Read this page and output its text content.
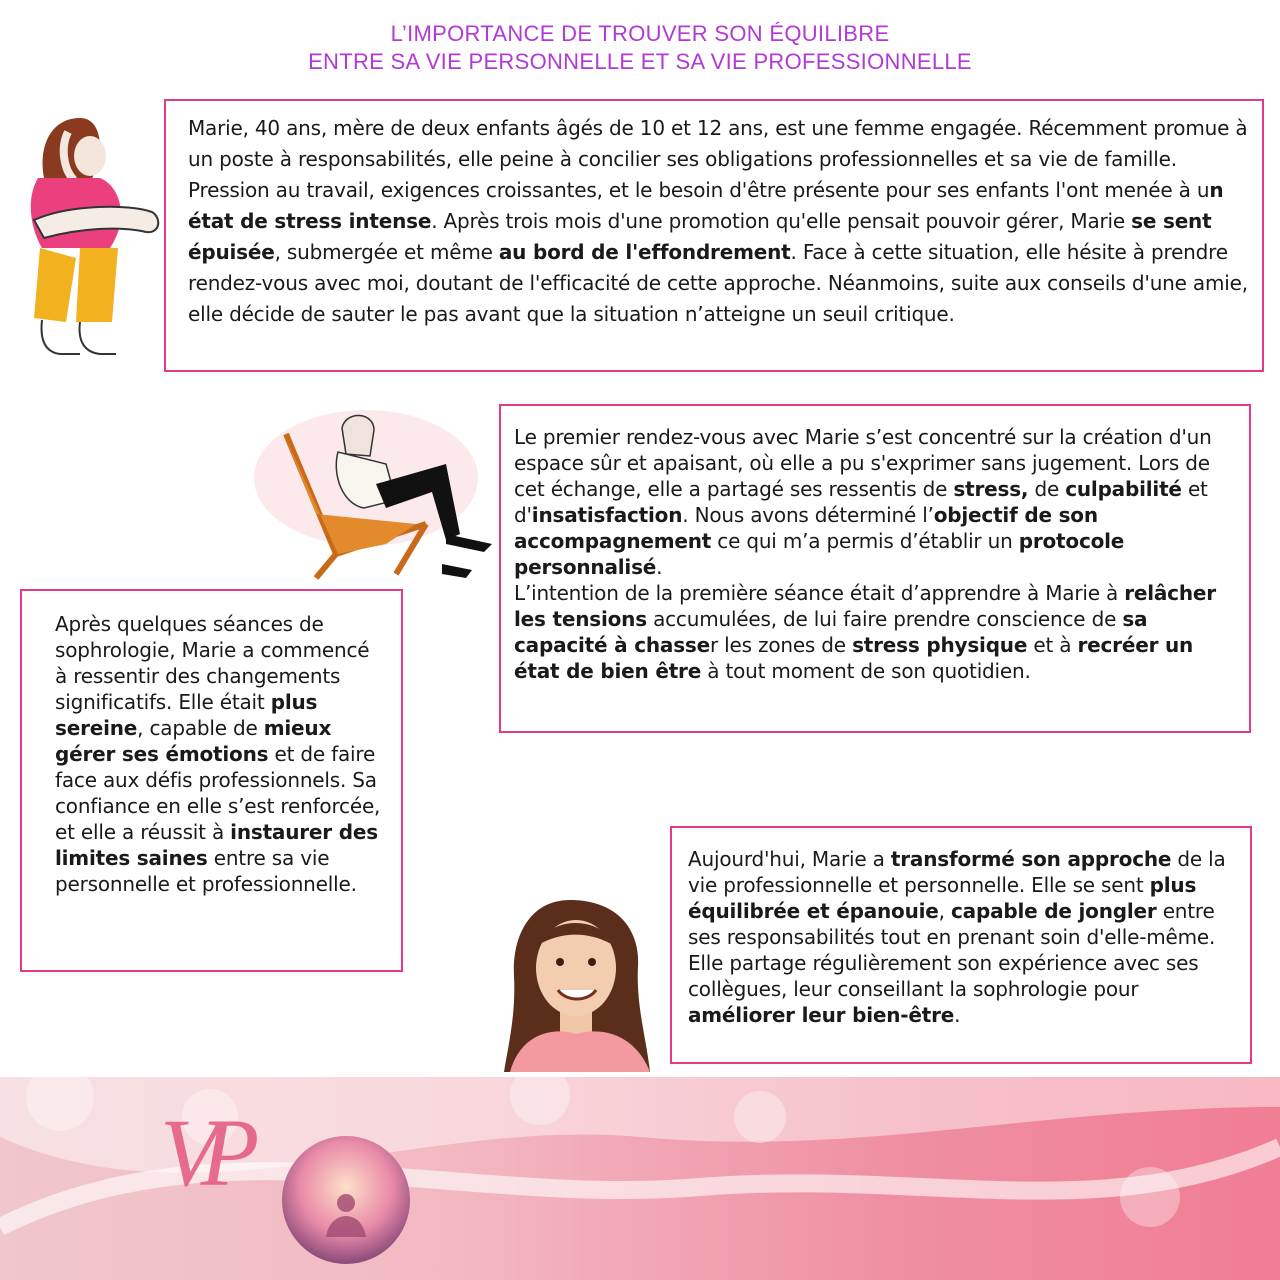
L’IMPORTANCE DE TROUVER SON ÉQUILIBRE
ENTRE SA VIE PERSONNELLE ET SA VIE PROFESSIONNELLE

Marie, 40 ans, mère de deux enfants âgés de 10 et 12 ans, est une femme engagée. Récemment promue à un poste à responsabilités, elle peine à concilier ses obligations professionnelles et sa vie de famille. Pression au travail, exigences croissantes, et le besoin d'être présente pour ses enfants l'ont menée à un état de stress intense. Après trois mois d'une promotion qu'elle pensait pouvoir gérer, Marie se sent épuisée, submergée et même au bord de l'effondrement. Face à cette situation, elle hésite à prendre rendez-vous avec moi, doutant de l'efficacité de cette approche. Néanmoins, suite aux conseils d'une amie, elle décide de sauter le pas avant que la situation n’atteigne un seuil critique.

Le premier rendez-vous avec Marie s’est concentré sur la création d'un espace sûr et apaisant, où elle a pu s'exprimer sans jugement. Lors de cet échange, elle a partagé ses ressentis de stress, de culpabilité et d'insatisfaction. Nous avons déterminé l’objectif de son accompagnement ce qui m’a permis d’établir un protocole personnalisé.

L’intention de la première séance était d’apprendre à Marie à relâcher les tensions accumulées, de lui faire prendre conscience de sa capacité à chasser les zones de stress physique et à recréer un état de bien être à tout moment de son quotidien.

Après quelques séances de sophrologie, Marie a commencé à ressentir des changements significatifs. Elle était plus sereine, capable de mieux gérer ses émotions et de faire face aux défis professionnels. Sa confiance en elle s’est renforcée, et elle a réussit à instaurer des limites saines entre sa vie personnelle et professionnelle.

Aujourd'hui, Marie a transformé son approche de la vie professionnelle et personnelle. Elle se sent plus équilibrée et épanouie, capable de jongler entre ses responsabilités tout en prenant soin d'elle-même. Elle partage régulièrement son expérience avec ses collègues, leur conseillant la sophrologie pour améliorer leur bien-être.

VP
